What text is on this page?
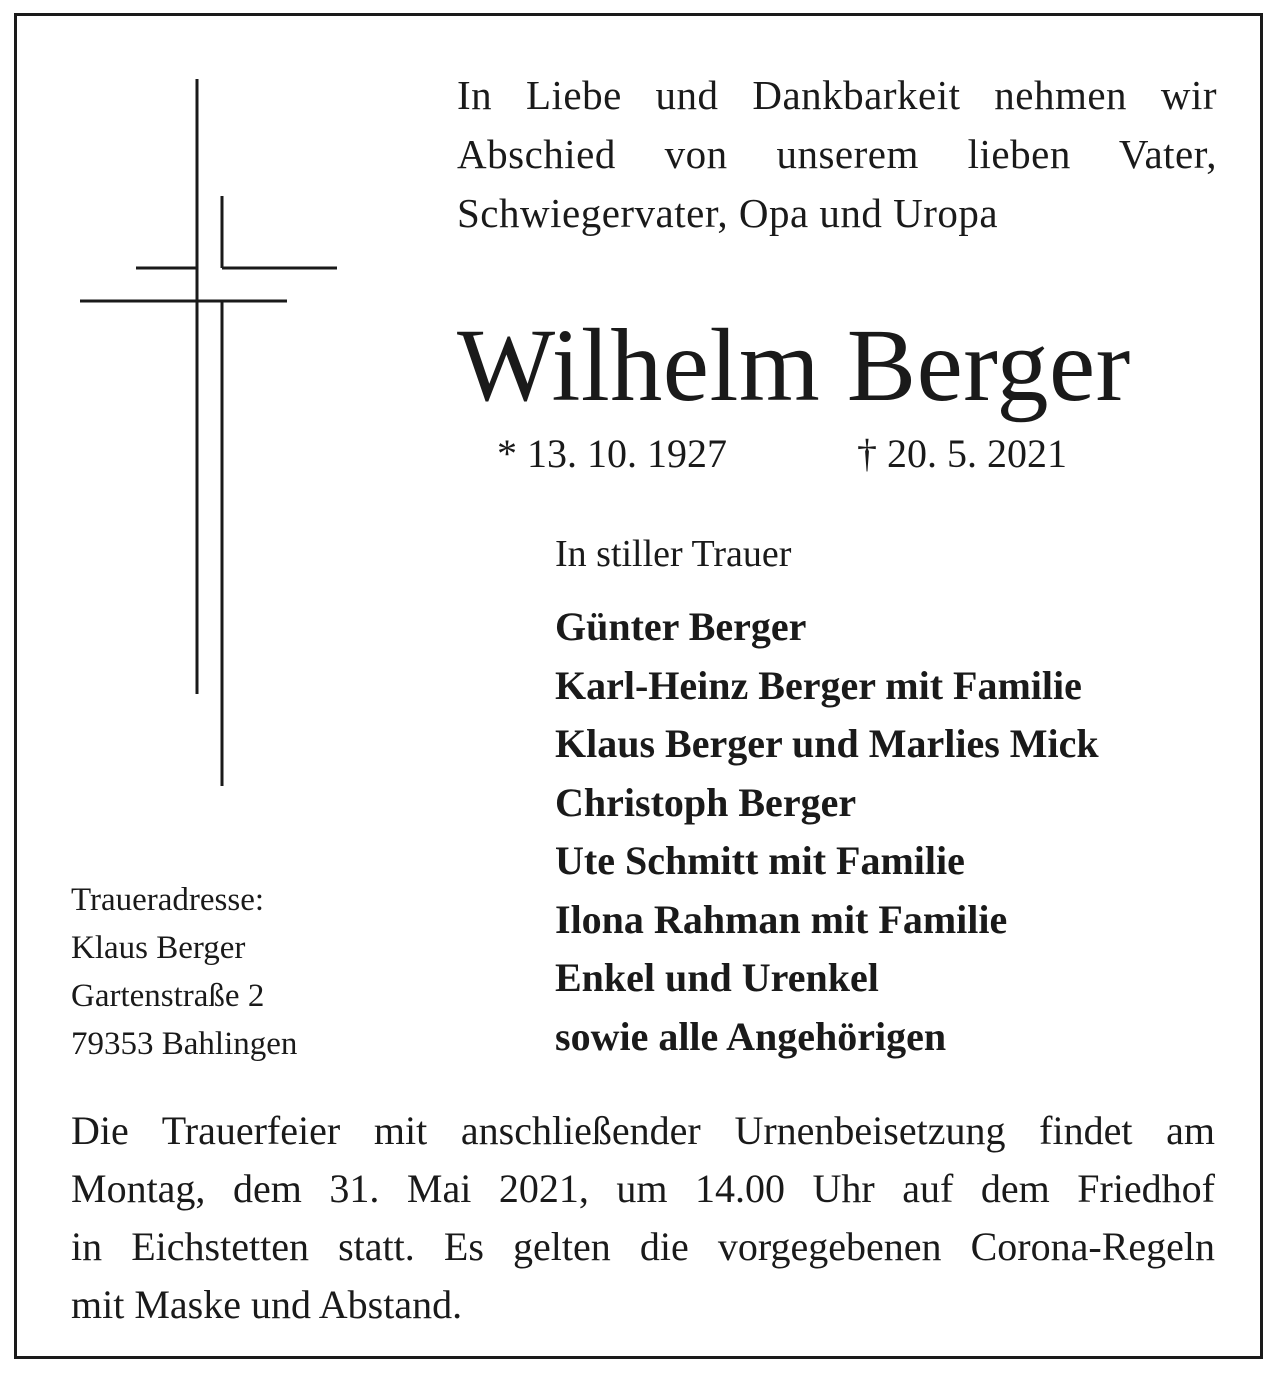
In Liebe und Dankbarkeit nehmen wir
Abschied von unserem lieben Vater,
Schwiegervater, Opa und Uropa

Wilhelm Berger
* 13. 10. 1927	† 20. 5. 2021
In stiller Trauer
Günter Berger
Karl-Heinz Berger mit Familie
Klaus Berger und Marlies Mick
Christoph Berger
Ute Schmitt mit Familie
Ilona Rahman mit Familie
Enkel und Urenkel
sowie alle Angehörigen
Traueradresse:
Klaus Berger
Gartenstraße 2
79353 Bahlingen

Die Trauerfeier mit anschließender Urnenbeisetzung findet am
Montag, dem 31. Mai 2021, um 14.00 Uhr auf dem Friedhof
in Eichstetten statt. Es gelten die vorgegebenen Corona-Regeln
mit Maske und Abstand.
